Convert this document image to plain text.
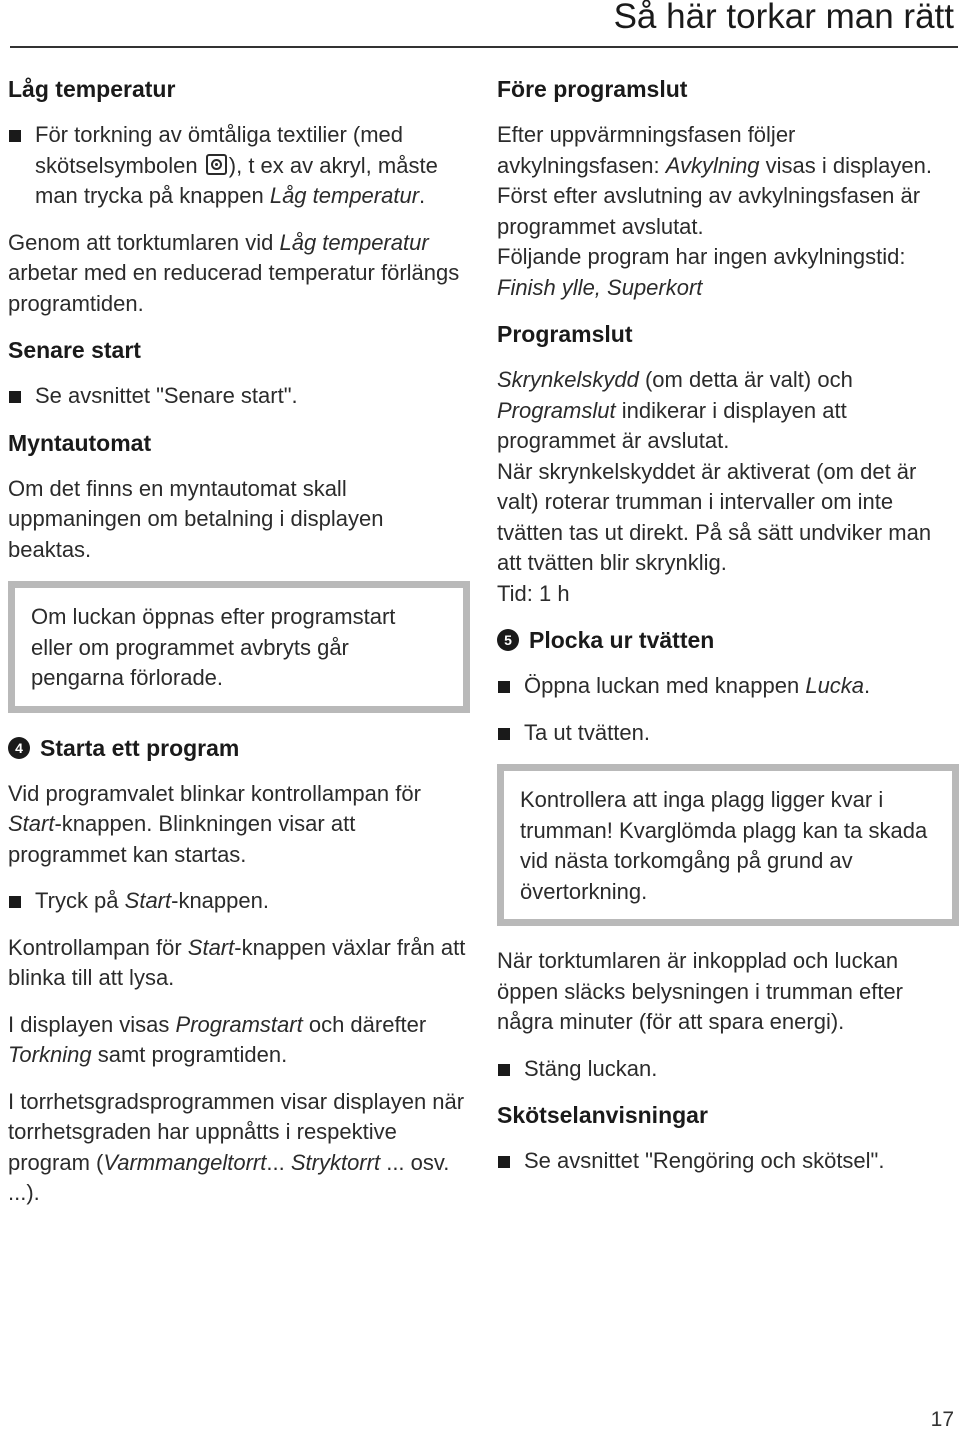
Så här torkar man rätt
Låg temperatur

För torkning av ömtåliga textilier (med skötselsymbolen ), t ex av akryl, måste man trycka på knappen Låg temperatur.

Genom att torktumlaren vid Låg temperatur arbetar med en reducerad temperatur förlängs programtiden.

Senare start

Se avsnittet "Senare start".

Myntautomat

Om det finns en myntautomat skall uppmaningen om betalning i displayen beaktas.

Om luckan öppnas efter programstart eller om programmet avbryts går pengarna förlorade.

4 Starta ett program

Vid programvalet blinkar kontrollampan för Start-knappen. Blinkningen visar att programmet kan startas.

Tryck på Start-knappen.

Kontrollampan för Start-knappen växlar från att blinka till att lysa.

I displayen visas Programstart och därefter Torkning samt programtiden.

I torrhetsgradsprogrammen visar displayen när torrhetsgraden har uppnåtts i respektive program (Varmmangeltorrt... Stryktorrt ... osv. ...).

Före programslut

Efter uppvärmningsfasen följer avkylningsfasen: Avkylning visas i displayen. Först efter avslutning av avkylningsfasen är programmet avslutat.

Följande program har ingen avkylningstid: Finish ylle, Superkort

Programslut

Skrynkelskydd (om detta är valt) och Programslut indikerar i displayen att programmet är avslutat.

När skrynkelskyddet är aktiverat (om det är valt) roterar trumman i intervaller om inte tvätten tas ut direkt. På så sätt undviker man att tvätten blir skrynklig.

Tid: 1 h

5 Plocka ur tvätten

Öppna luckan med knappen Lucka.

Ta ut tvätten.

Kontrollera att inga plagg ligger kvar i trumman! Kvarglömda plagg kan ta skada vid nästa torkomgång på grund av övertorkning.

När torktumlaren är inkopplad och luckan öppen släcks belysningen i trumman efter några minuter (för att spara energi).

Stäng luckan.

Skötselanvisningar

Se avsnittet "Rengöring och skötsel".

17
